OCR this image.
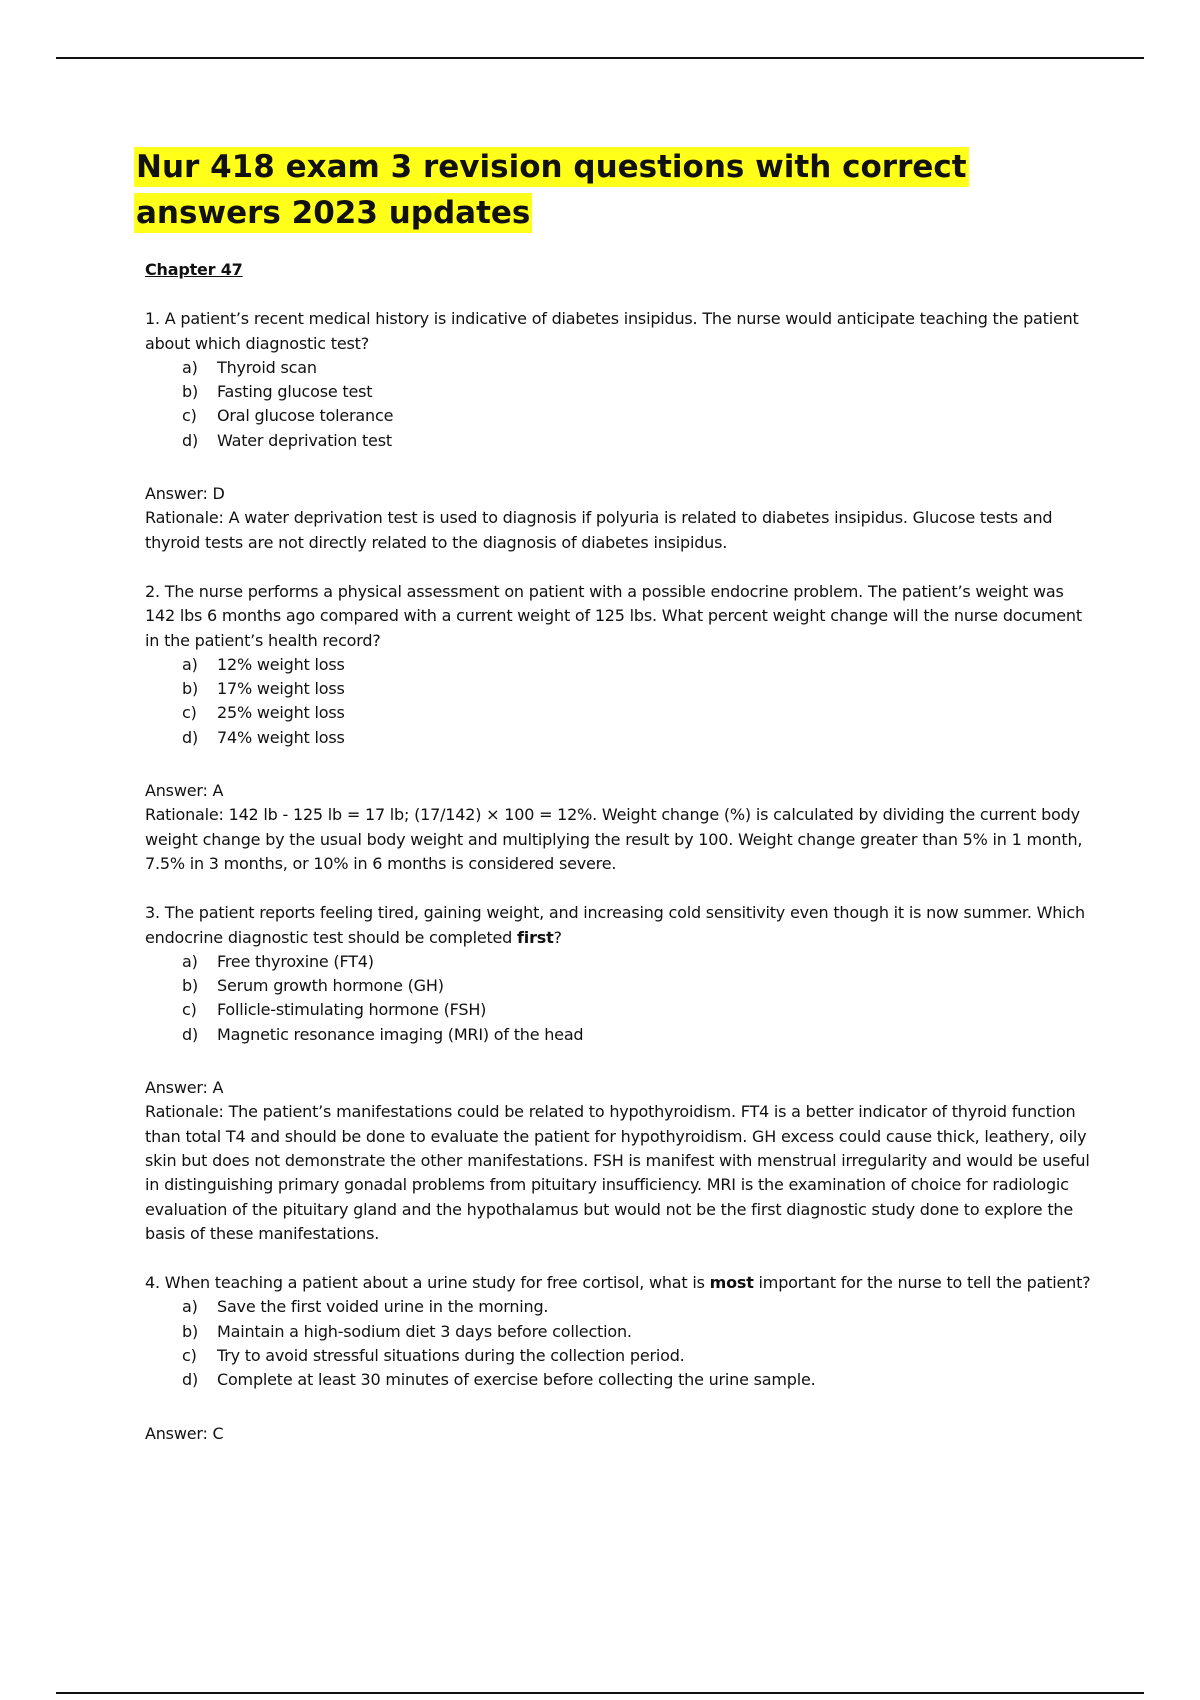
Nur 418 exam 3 revision questions with correct
answers 2023 updates

Chapter 47

1. A patient’s recent medical history is indicative of diabetes insipidus. The nurse would anticipate teaching the patient about which diagnostic test?

a) Thyroid scan
b) Fasting glucose test
c) Oral glucose tolerance
d) Water deprivation test

Answer: D

Rationale: A water deprivation test is used to diagnosis if polyuria is related to diabetes insipidus. Glucose tests and thyroid tests are not directly related to the diagnosis of diabetes insipidus.

2. The nurse performs a physical assessment on patient with a possible endocrine problem. The patient’s weight was 142 lbs 6 months ago compared with a current weight of 125 lbs. What percent weight change will the nurse document in the patient’s health record?

a) 12% weight loss
b) 17% weight loss
c) 25% weight loss
d) 74% weight loss

Answer: A

Rationale: 142 lb - 125 lb = 17 lb; (17/142) × 100 = 12%. Weight change (%) is calculated by dividing the current body weight change by the usual body weight and multiplying the result by 100. Weight change greater than 5% in 1 month, 7.5% in 3 months, or 10% in 6 months is considered severe.

3. The patient reports feeling tired, gaining weight, and increasing cold sensitivity even though it is now summer. Which endocrine diagnostic test should be completed first?

a) Free thyroxine (FT4)
b) Serum growth hormone (GH)
c) Follicle-stimulating hormone (FSH)
d) Magnetic resonance imaging (MRI) of the head

Answer: A

Rationale: The patient’s manifestations could be related to hypothyroidism. FT4 is a better indicator of thyroid function than total T4 and should be done to evaluate the patient for hypothyroidism. GH excess could cause thick, leathery, oily skin but does not demonstrate the other manifestations. FSH is manifest with menstrual irregularity and would be useful in distinguishing primary gonadal problems from pituitary insufficiency. MRI is the examination of choice for radiologic evaluation of the pituitary gland and the hypothalamus but would not be the first diagnostic study done to explore the basis of these manifestations.

4. When teaching a patient about a urine study for free cortisol, what is most important for the nurse to tell the patient?

a) Save the first voided urine in the morning.
b) Maintain a high-sodium diet 3 days before collection.
c) Try to avoid stressful situations during the collection period.
d) Complete at least 30 minutes of exercise before collecting the urine sample.

Answer: C
